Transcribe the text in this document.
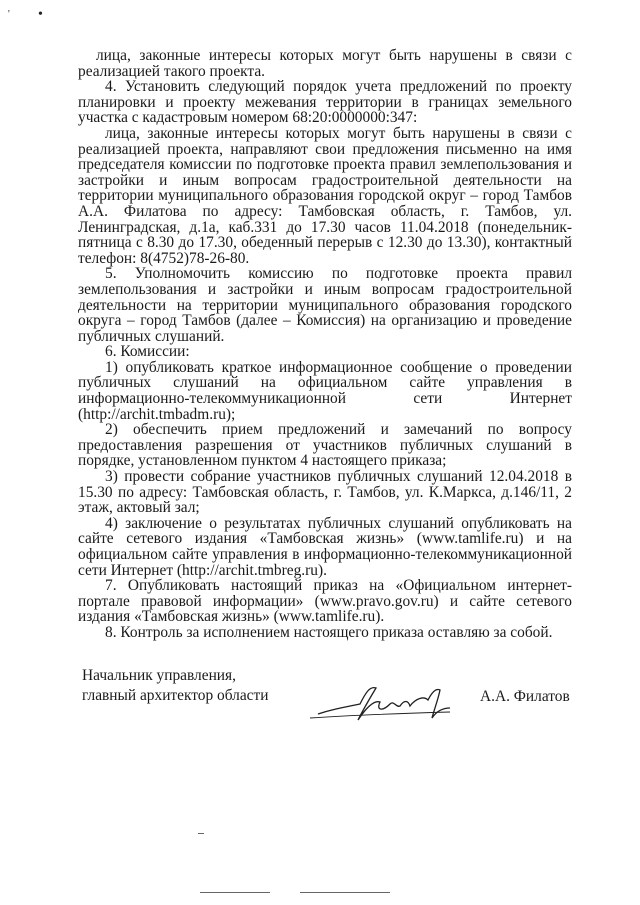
•
'

лица, законные интересы которых могут быть нарушены в связи с реализацией такого проекта.

4. Установить следующий порядок учета предложений по проекту планировки и проекту межевания территории в границах земельного участка с кадастровым номером 68:20:0000000:347:

лица, законные интересы которых могут быть нарушены в связи с реализацией проекта, направляют свои предложения письменно на имя председателя комиссии по подготовке проекта правил землепользования и застройки и иным вопросам градостроительной деятельности на территории муниципального образования городской округ – город Тамбов А.А. Филатова по адресу: Тамбовская область, г. Тамбов, ул. Ленинградская, д.1а, каб.331 до 17.30 часов 11.04.2018 (понедельник-пятница с 8.30 до 17.30, обеденный перерыв с 12.30 до 13.30), контактный телефон: 8(4752)78-26-80.

5. Уполномочить комиссию по подготовке проекта правил землепользования и застройки и иным вопросам градостроительной деятельности на территории муниципального образования городского округа – город Тамбов (далее – Комиссия) на организацию и проведение публичных слушаний.

6. Комиссии:

1) опубликовать краткое информационное сообщение о проведении публичных слушаний на официальном сайте управления в информационно-телекоммуникационной сети Интернет (http://archit.tmbadm.ru);

2) обеспечить прием предложений и замечаний по вопросу предоставления разрешения от участников публичных слушаний в порядке, установленном пунктом 4 настоящего приказа;

3) провести собрание участников публичных слушаний 12.04.2018 в 15.30 по адресу: Тамбовская область, г. Тамбов, ул. К.Маркса, д.146/11, 2 этаж, актовый зал;

4) заключение о результатах публичных слушаний опубликовать на сайте сетевого издания «Тамбовская жизнь» (www.tamlife.ru) и на официальном сайте управления в информационно-телекоммуникационной сети Интернет (http://archit.tmbreg.ru).

7. Опубликовать настоящий приказ на «Официальном интернет-портале правовой информации» (www.pravo.gov.ru) и сайте сетевого издания «Тамбовская жизнь» (www.tamlife.ru).

8. Контроль за исполнением настоящего приказа оставляю за собой.

Начальник управления,

главный архитектор области	А.А. Филатов
